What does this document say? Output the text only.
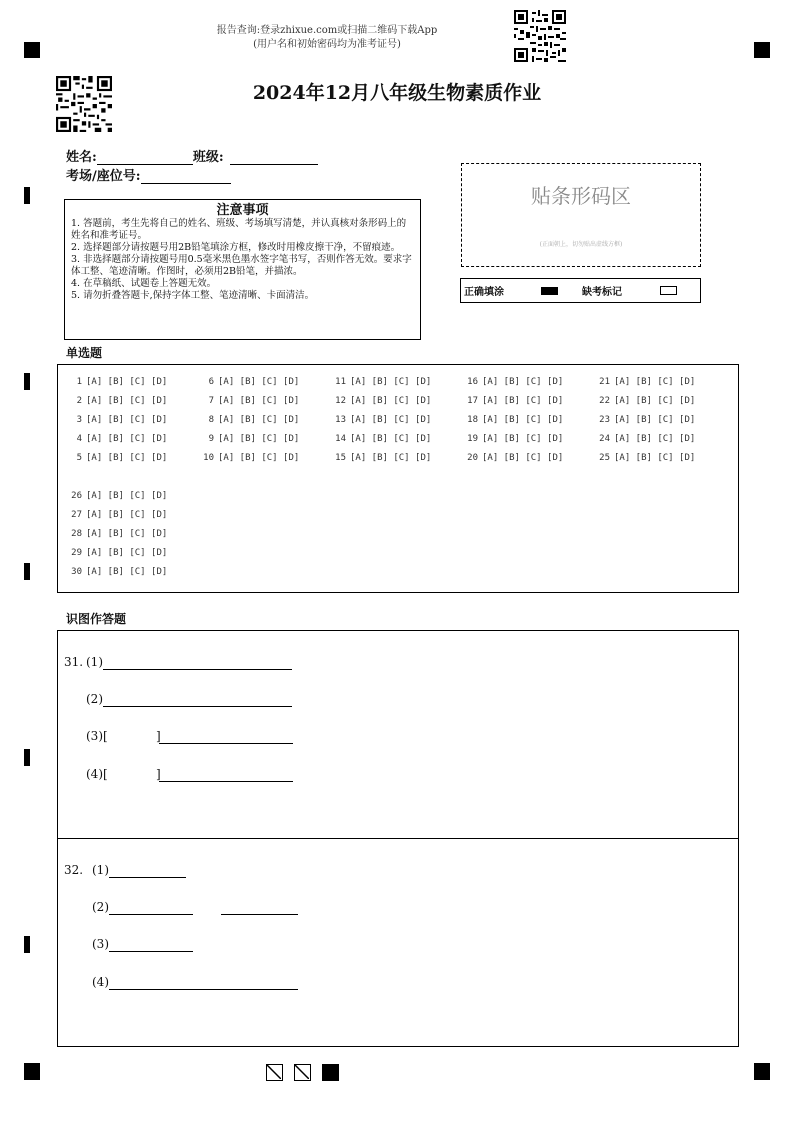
报告查询:登录zhixue.com或扫描二维码下载App
(用户名和初始密码均为准考证号)
2024年12月八年级生物素质作业
姓名:	班级:
考场/座位号:
注意事项

1. 答题前，考生先将自己的姓名、班级、考场填写清楚，并认真核对条形码上的姓名和准考证号。

2. 选择题部分请按题号用2B铅笔填涂方框，修改时用橡皮擦干净，不留痕迹。

3. 非选择题部分请按题号用0.5毫米黑色墨水签字笔书写，否则作答无效。要求字体工整、笔迹清晰。作图时，必须用2B铅笔，并描浓。

4. 在草稿纸、试题卷上答题无效。

5. 请勿折叠答题卡,保持字体工整、笔迹清晰、卡面清洁。

贴条形码区
(正面朝上，切勿贴出虚线方框)
正确填涂	缺考标记
单选题
1 [A] [B] [C] [D]
2 [A] [B] [C] [D]
3 [A] [B] [C] [D]
4 [A] [B] [C] [D]
5 [A] [B] [C] [D]
6 [A] [B] [C] [D]
7 [A] [B] [C] [D]
8 [A] [B] [C] [D]
9 [A] [B] [C] [D]
10 [A] [B] [C] [D]
11 [A] [B] [C] [D]
12 [A] [B] [C] [D]
13 [A] [B] [C] [D]
14 [A] [B] [C] [D]
15 [A] [B] [C] [D]
16 [A] [B] [C] [D]
17 [A] [B] [C] [D]
18 [A] [B] [C] [D]
19 [A] [B] [C] [D]
20 [A] [B] [C] [D]
21 [A] [B] [C] [D]
22 [A] [B] [C] [D]
23 [A] [B] [C] [D]
24 [A] [B] [C] [D]
25 [A] [B] [C] [D]
26 [A] [B] [C] [D]
27 [A] [B] [C] [D]
28 [A] [B] [C] [D]
29 [A] [B] [C] [D]
30 [A] [B] [C] [D]
识图作答题
31. (1)
(2)
(3)[	]
(4)[	]
32. (1)
(2)
(3)
(4)
